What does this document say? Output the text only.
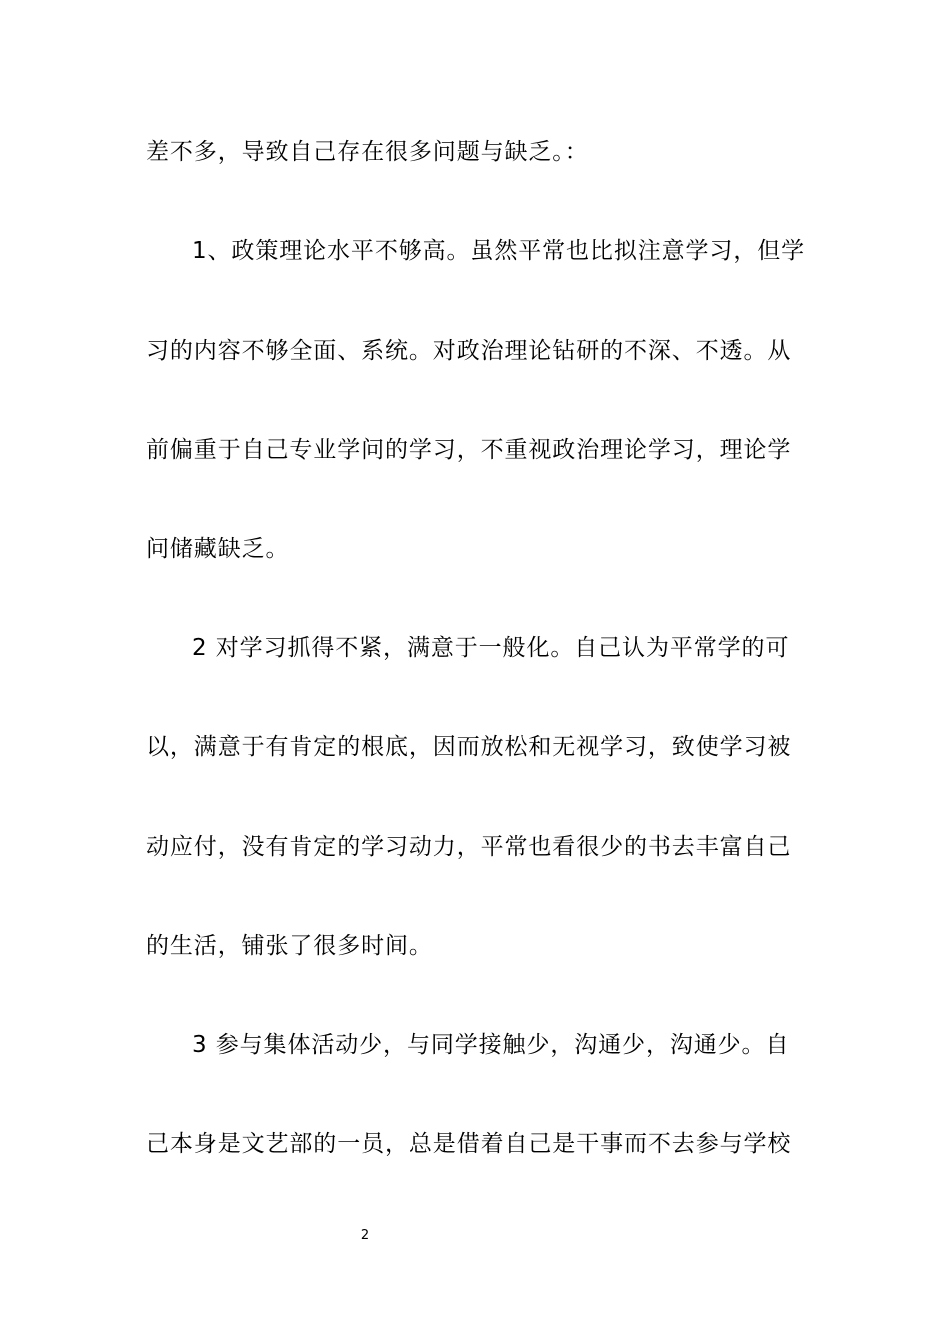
差不多，导致自己存在很多问题与缺乏。：
1、政策理论水平不够高。虽然平常也比拟注意学习，但学
习的内容不够全面、系统。对政治理论钻研的不深、不透。从
前偏重于自己专业学问的学习，不重视政治理论学习，理论学
问储藏缺乏。
2 对学习抓得不紧，满意于一般化。自己认为平常学的可
以，满意于有肯定的根底，因而放松和无视学习，致使学习被
动应付，没有肯定的学习动力，平常也看很少的书去丰富自己
的生活，铺张了很多时间。
3 参与集体活动少，与同学接触少，沟通少，沟通少。自
己本身是文艺部的一员，总是借着自己是干事而不去参与学校
2
